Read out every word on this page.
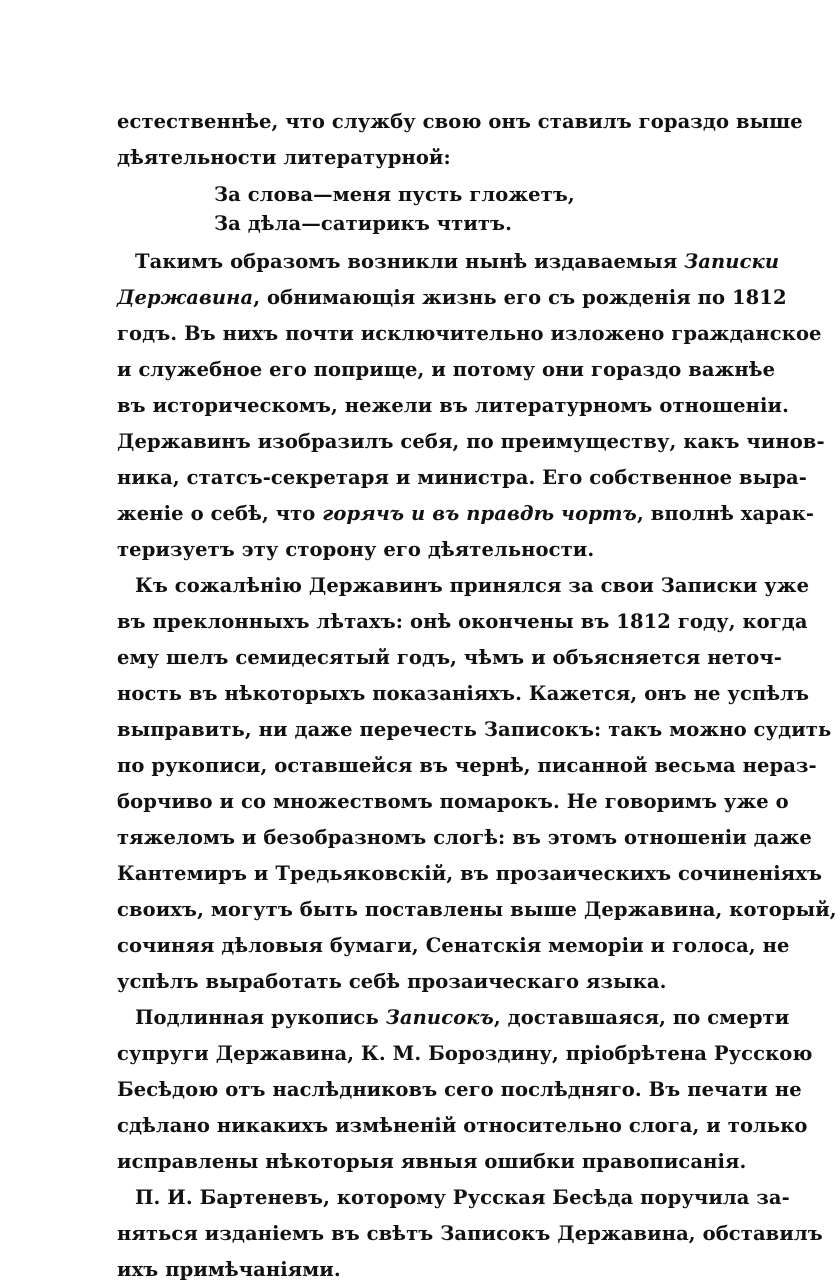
естественнѣе, что службу свою онъ ставилъ гораздо выше
дѣятельности литературной:
За слова—меня пусть гложетъ,
За дѣла—сатирикъ чтитъ.
Такимъ образомъ возникли нынѣ издаваемыя Записки
Державина, обнимающія жизнь его съ рожденія по 1812
годъ. Въ нихъ почти исключительно изложено гражданское
и служебное его поприще, и потому они гораздо важнѣе
въ историческомъ, нежели въ литературномъ отношеніи.
Державинъ изобразилъ себя, по преимуществу, какъ чинов-
ника, статсъ-секретаря и министра. Его собственное выра-
женіе о себѣ, что горячъ и въ правдѣ чортъ, вполнѣ харак-
теризуетъ эту сторону его дѣятельности.
Къ сожалѣнію Державинъ принялся за свои Записки уже
въ преклонныхъ лѣтахъ: онѣ окончены въ 1812 году, когда
ему шелъ семидесятый годъ, чѣмъ и объясняется неточ-
ность въ нѣкоторыхъ показаніяхъ. Кажется, онъ не успѣлъ
выправить, ни даже перечесть Записокъ: такъ можно судить
по рукописи, оставшейся въ чернѣ, писанной весьма нераз-
борчиво и со множествомъ помарокъ. Не говоримъ уже о
тяжеломъ и безобразномъ слогѣ: въ этомъ отношеніи даже
Кантемиръ и Тредьяковскій, въ прозаическихъ сочиненіяхъ
своихъ, могутъ быть поставлены выше Державина, который,
сочиняя дѣловыя бумаги, Сенатскія меморіи и голоса, не
успѣлъ выработать себѣ прозаическаго языка.
Подлинная рукопись Записокъ, доставшаяся, по смерти
супруги Державина, К. М. Бороздину, пріобрѣтена Русскою
Бесѣдою отъ наслѣдниковъ сего послѣдняго. Въ печати не
сдѣлано никакихъ измѣненій относительно слога, и только
исправлены нѣкоторыя явныя ошибки правописанія.
П. И. Бартеневъ, которому Русская Бесѣда поручила за-
няться изданіемъ въ свѣтъ Записокъ Державина, обставилъ
ихъ примѣчаніями.
